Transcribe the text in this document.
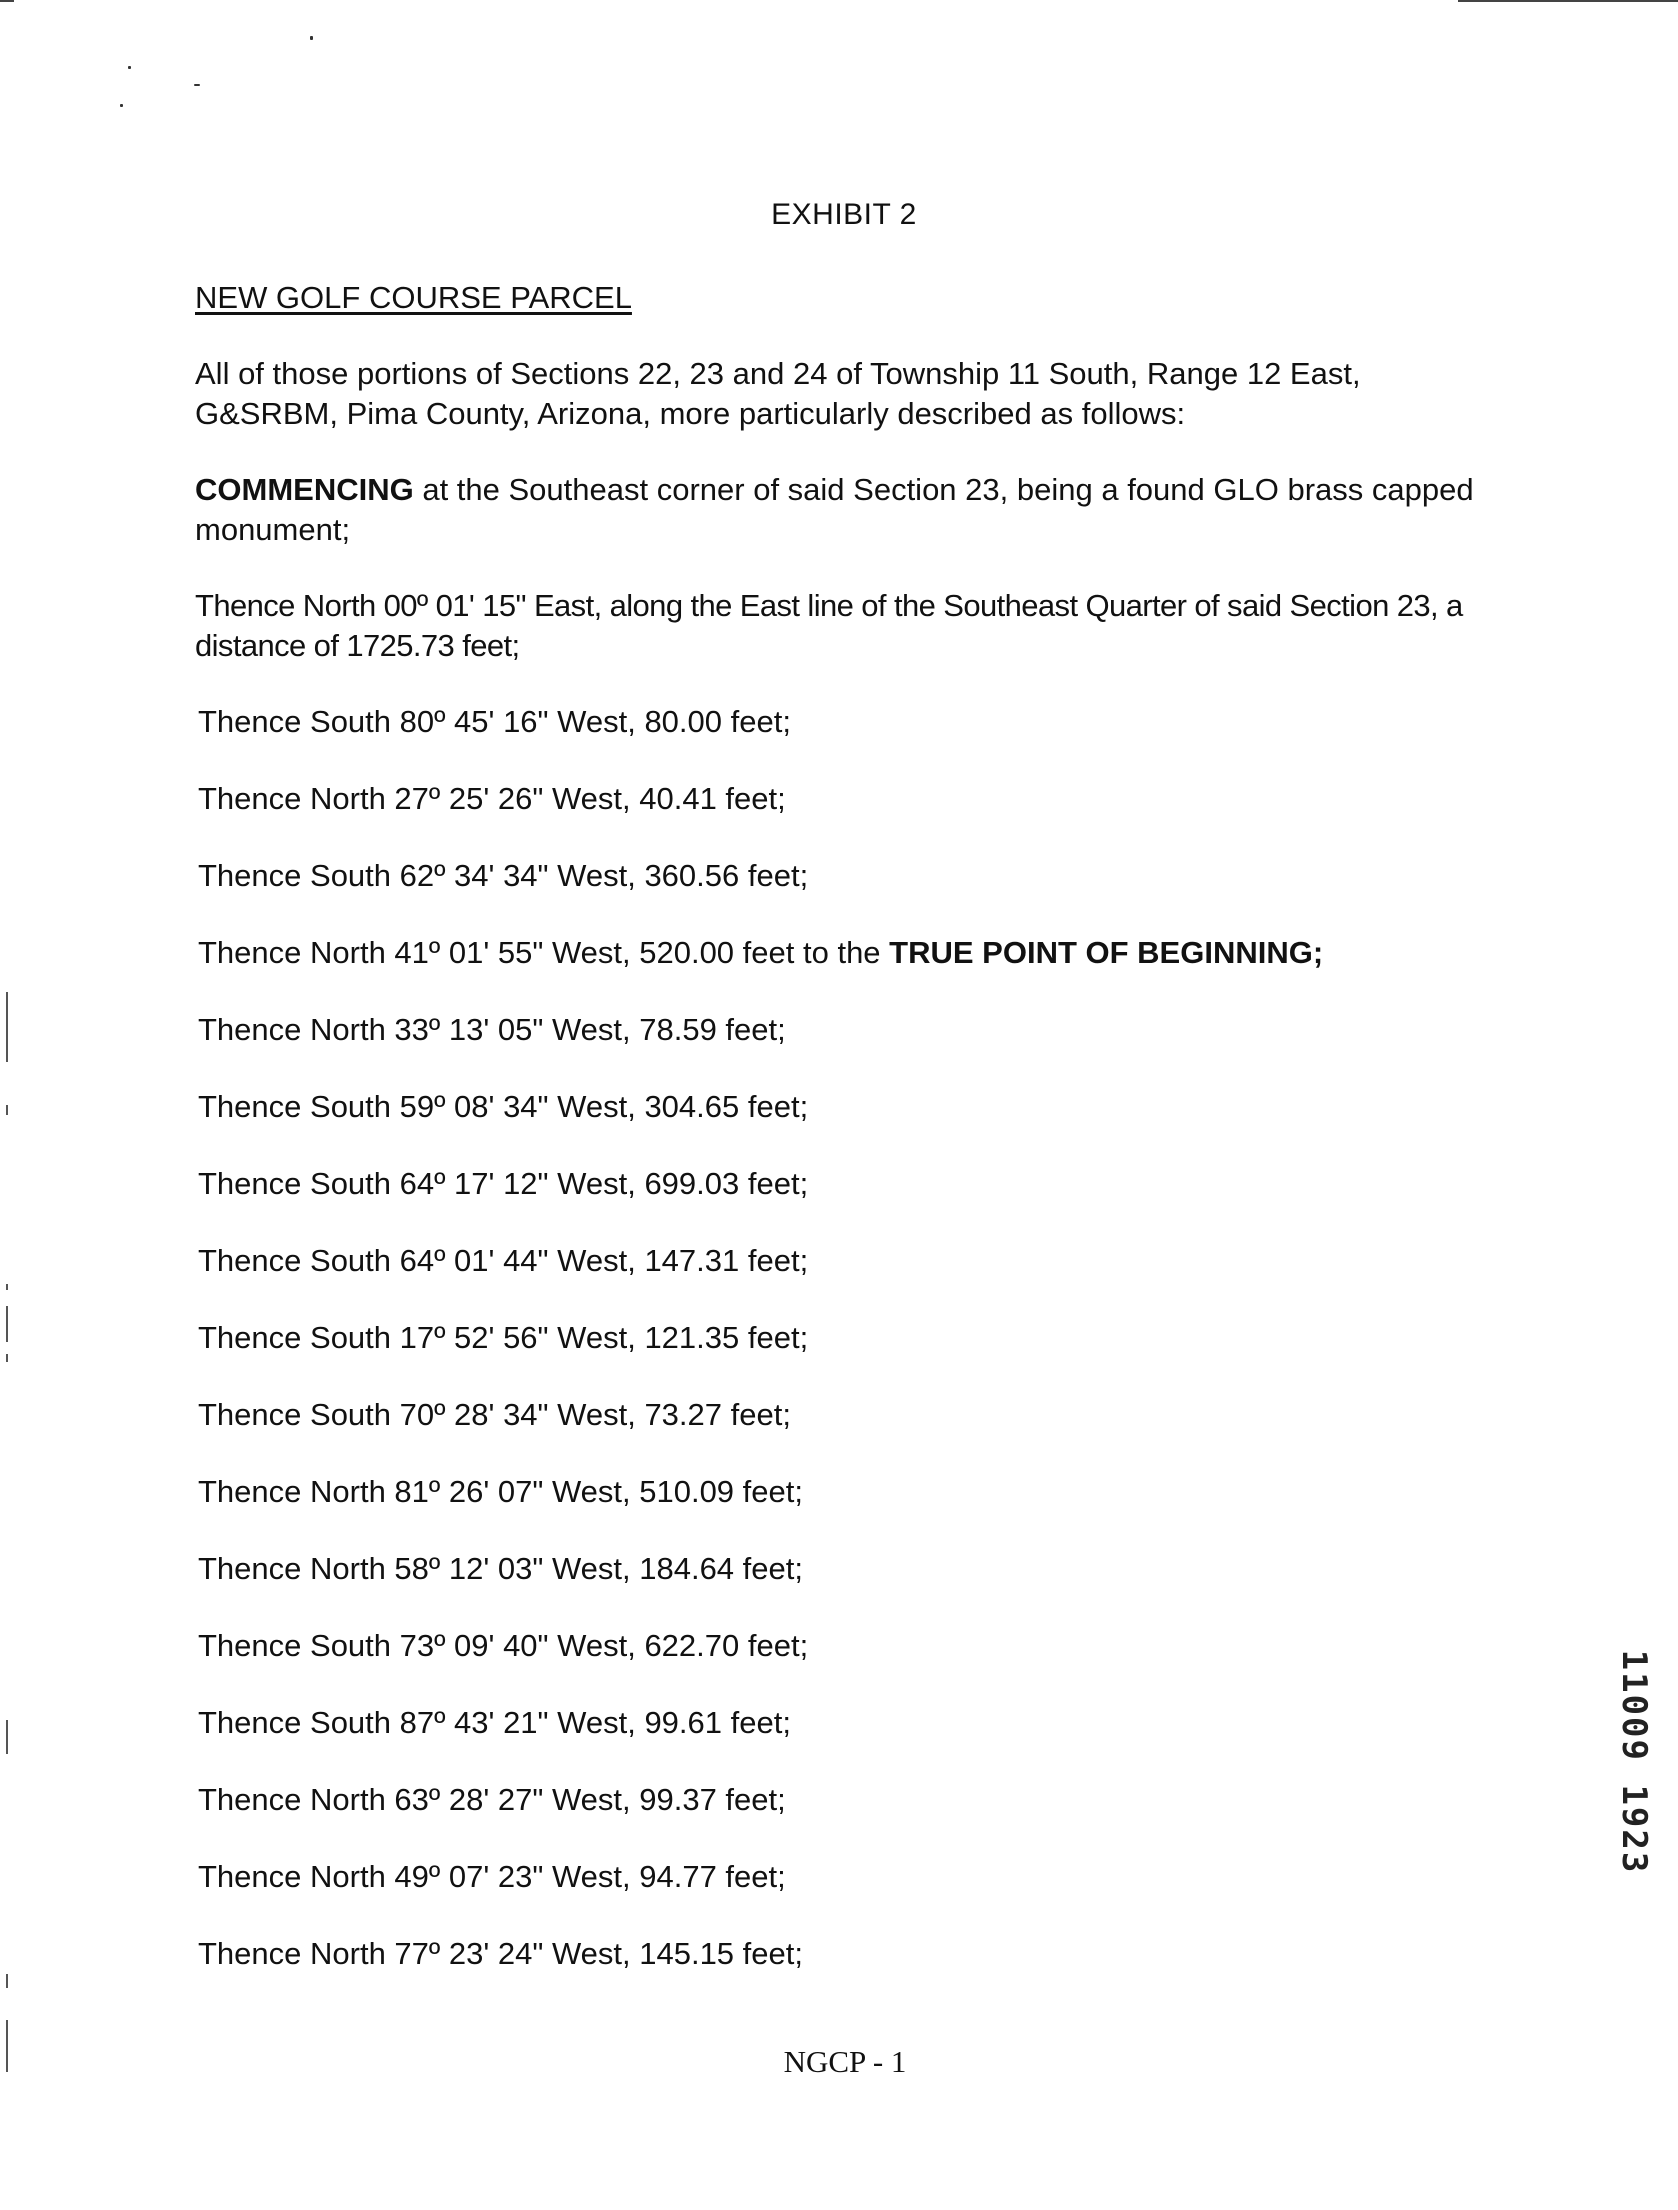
EXHIBIT 2
NEW GOLF COURSE PARCEL

All of those portions of Sections 22, 23 and 24 of Township 11 South, Range 12 East, G&SRBM, Pima County, Arizona, more particularly described as follows:

COMMENCING at the Southeast corner of said Section 23, being a found GLO brass capped monument;

Thence North 00º 01' 15" East, along the East line of the Southeast Quarter of said Section 23, a distance of 1725.73 feet;

Thence South 80º 45' 16" West, 80.00 feet;
Thence North 27º 25' 26" West, 40.41 feet;
Thence South 62º 34' 34" West, 360.56 feet;
Thence North 41º 01' 55" West, 520.00 feet to the TRUE POINT OF BEGINNING;
Thence North 33º 13' 05" West, 78.59 feet;
Thence South 59º 08' 34" West, 304.65 feet;
Thence South 64º 17' 12" West, 699.03 feet;
Thence South 64º 01' 44" West, 147.31 feet;
Thence South 17º 52' 56" West, 121.35 feet;
Thence South 70º 28' 34" West, 73.27 feet;
Thence North 81º 26' 07" West, 510.09 feet;
Thence North 58º 12' 03" West, 184.64 feet;
Thence South 73º 09' 40" West, 622.70 feet;
Thence South 87º 43' 21" West, 99.61 feet;
Thence North 63º 28' 27" West, 99.37 feet;
Thence North 49º 07' 23" West, 94.77 feet;
Thence North 77º 23' 24" West, 145.15 feet;
NGCP - 1
11009 1923
